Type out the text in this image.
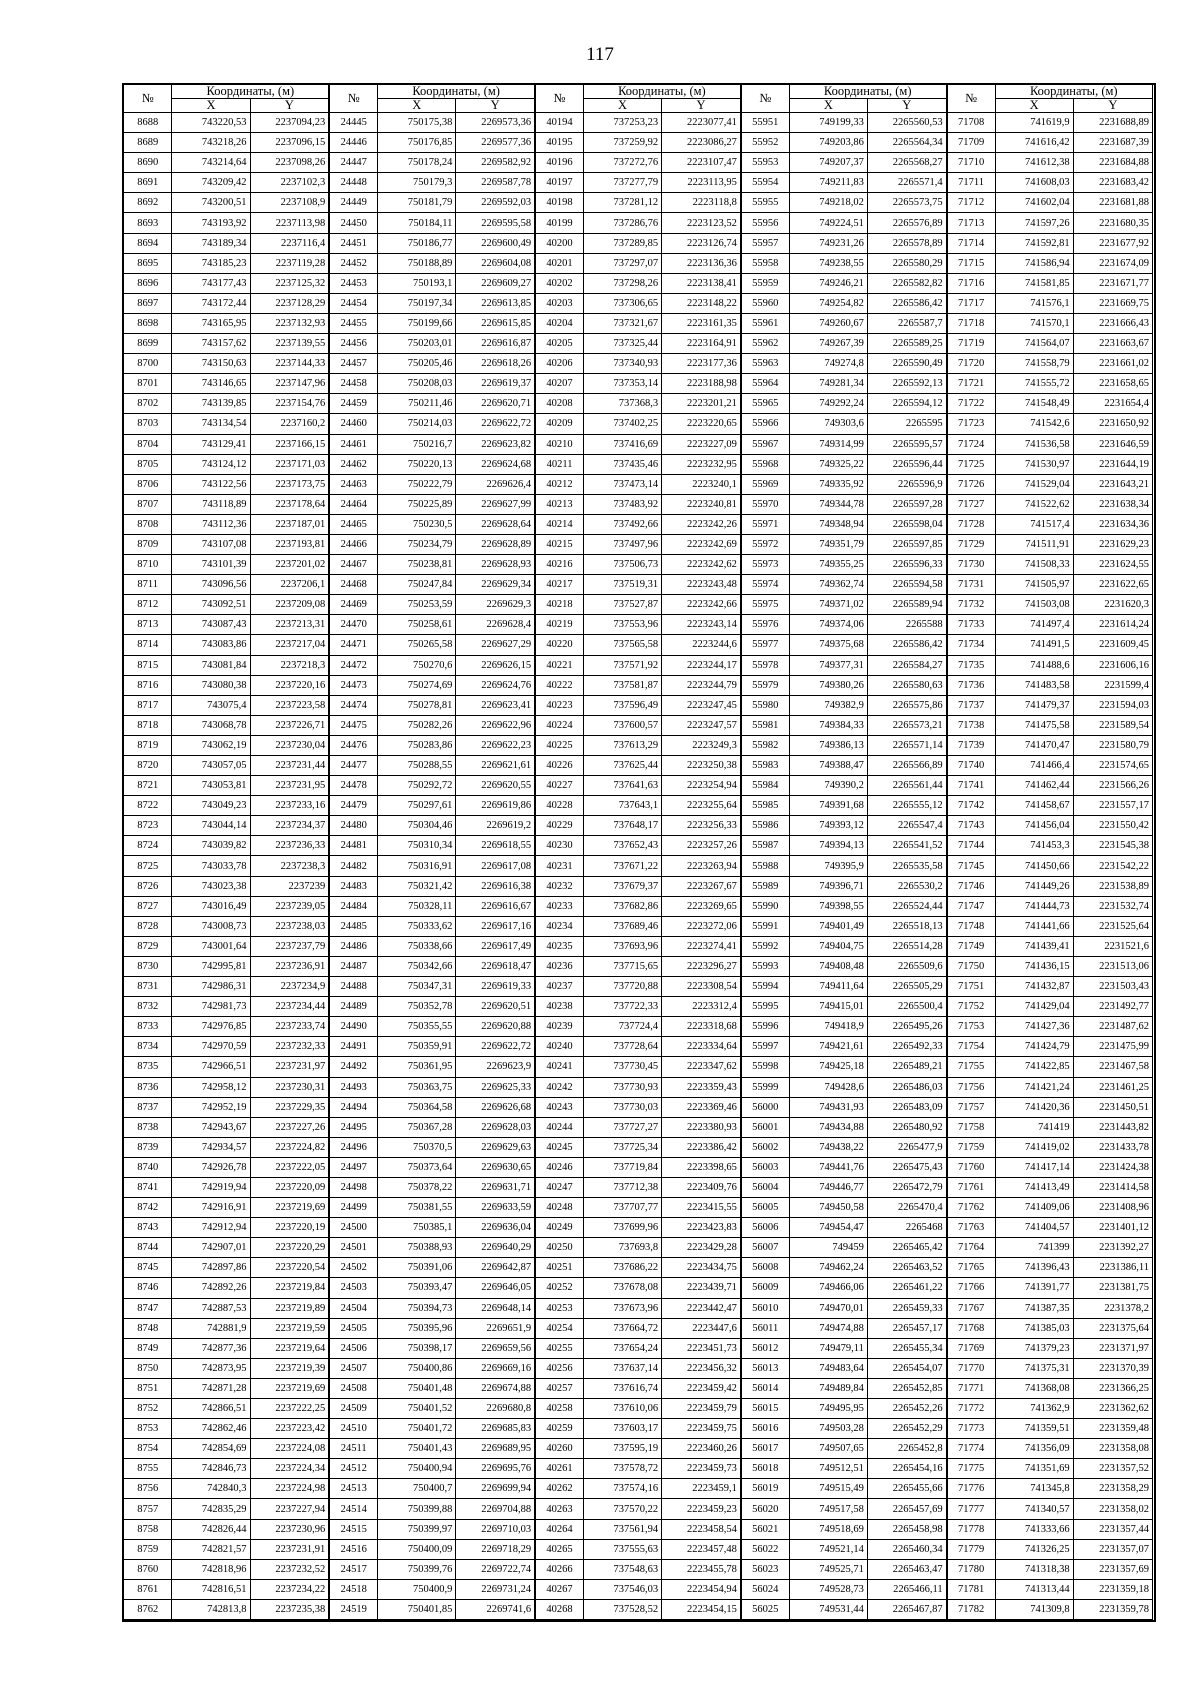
117
№	Координаты, (м)		№	Координаты, (м)		№	Координаты, (м)		№	Координаты, (м)		№	Координаты, (м)	
	X	Y		X	Y		X	Y		X	Y		X	Y
8688	743220,53	2237094,23	24445	750175,38	2269573,36	40194	737253,23	2223077,41	55951	749199,33	2265560,53	71708	741619,9	2231688,89
8689	743218,26	2237096,15	24446	750176,85	2269577,36	40195	737259,92	2223086,27	55952	749203,86	2265564,34	71709	741616,42	2231687,39
8690	743214,64	2237098,26	24447	750178,24	2269582,92	40196	737272,76	2223107,47	55953	749207,37	2265568,27	71710	741612,38	2231684,88
8691	743209,42	2237102,3	24448	750179,3	2269587,78	40197	737277,79	2223113,95	55954	749211,83	2265571,4	71711	741608,03	2231683,42
8692	743200,51	2237108,9	24449	750181,79	2269592,03	40198	737281,12	2223118,8	55955	749218,02	2265573,75	71712	741602,04	2231681,88
8693	743193,92	2237113,98	24450	750184,11	2269595,58	40199	737286,76	2223123,52	55956	749224,51	2265576,89	71713	741597,26	2231680,35
8694	743189,34	2237116,4	24451	750186,77	2269600,49	40200	737289,85	2223126,74	55957	749231,26	2265578,89	71714	741592,81	2231677,92
8695	743185,23	2237119,28	24452	750188,89	2269604,08	40201	737297,07	2223136,36	55958	749238,55	2265580,29	71715	741586,94	2231674,09
8696	743177,43	2237125,32	24453	750193,1	2269609,27	40202	737298,26	2223138,41	55959	749246,21	2265582,82	71716	741581,85	2231671,77
8697	743172,44	2237128,29	24454	750197,34	2269613,85	40203	737306,65	2223148,22	55960	749254,82	2265586,42	71717	741576,1	2231669,75
8698	743165,95	2237132,93	24455	750199,66	2269615,85	40204	737321,67	2223161,35	55961	749260,67	2265587,7	71718	741570,1	2231666,43
8699	743157,62	2237139,55	24456	750203,01	2269616,87	40205	737325,44	2223164,91	55962	749267,39	2265589,25	71719	741564,07	2231663,67
8700	743150,63	2237144,33	24457	750205,46	2269618,26	40206	737340,93	2223177,36	55963	749274,8	2265590,49	71720	741558,79	2231661,02
8701	743146,65	2237147,96	24458	750208,03	2269619,37	40207	737353,14	2223188,98	55964	749281,34	2265592,13	71721	741555,72	2231658,65
8702	743139,85	2237154,76	24459	750211,46	2269620,71	40208	737368,3	2223201,21	55965	749292,24	2265594,12	71722	741548,49	2231654,4
8703	743134,54	2237160,2	24460	750214,03	2269622,72	40209	737402,25	2223220,65	55966	749303,6	2265595	71723	741542,6	2231650,92
8704	743129,41	2237166,15	24461	750216,7	2269623,82	40210	737416,69	2223227,09	55967	749314,99	2265595,57	71724	741536,58	2231646,59
8705	743124,12	2237171,03	24462	750220,13	2269624,68	40211	737435,46	2223232,95	55968	749325,22	2265596,44	71725	741530,97	2231644,19
8706	743122,56	2237173,75	24463	750222,79	2269626,4	40212	737473,14	2223240,1	55969	749335,92	2265596,9	71726	741529,04	2231643,21
8707	743118,89	2237178,64	24464	750225,89	2269627,99	40213	737483,92	2223240,81	55970	749344,78	2265597,28	71727	741522,62	2231638,34
8708	743112,36	2237187,01	24465	750230,5	2269628,64	40214	737492,66	2223242,26	55971	749348,94	2265598,04	71728	741517,4	2231634,36
8709	743107,08	2237193,81	24466	750234,79	2269628,89	40215	737497,96	2223242,69	55972	749351,79	2265597,85	71729	741511,91	2231629,23
8710	743101,39	2237201,02	24467	750238,81	2269628,93	40216	737506,73	2223242,62	55973	749355,25	2265596,33	71730	741508,33	2231624,55
8711	743096,56	2237206,1	24468	750247,84	2269629,34	40217	737519,31	2223243,48	55974	749362,74	2265594,58	71731	741505,97	2231622,65
8712	743092,51	2237209,08	24469	750253,59	2269629,3	40218	737527,87	2223242,66	55975	749371,02	2265589,94	71732	741503,08	2231620,3
8713	743087,43	2237213,31	24470	750258,61	2269628,4	40219	737553,96	2223243,14	55976	749374,06	2265588	71733	741497,4	2231614,24
8714	743083,86	2237217,04	24471	750265,58	2269627,29	40220	737565,58	2223244,6	55977	749375,68	2265586,42	71734	741491,5	2231609,45
8715	743081,84	2237218,3	24472	750270,6	2269626,15	40221	737571,92	2223244,17	55978	749377,31	2265584,27	71735	741488,6	2231606,16
8716	743080,38	2237220,16	24473	750274,69	2269624,76	40222	737581,87	2223244,79	55979	749380,26	2265580,63	71736	741483,58	2231599,4
8717	743075,4	2237223,58	24474	750278,81	2269623,41	40223	737596,49	2223247,45	55980	749382,9	2265575,86	71737	741479,37	2231594,03
8718	743068,78	2237226,71	24475	750282,26	2269622,96	40224	737600,57	2223247,57	55981	749384,33	2265573,21	71738	741475,58	2231589,54
8719	743062,19	2237230,04	24476	750283,86	2269622,23	40225	737613,29	2223249,3	55982	749386,13	2265571,14	71739	741470,47	2231580,79
8720	743057,05	2237231,44	24477	750288,55	2269621,61	40226	737625,44	2223250,38	55983	749388,47	2265566,89	71740	741466,4	2231574,65
8721	743053,81	2237231,95	24478	750292,72	2269620,55	40227	737641,63	2223254,94	55984	749390,2	2265561,44	71741	741462,44	2231566,26
8722	743049,23	2237233,16	24479	750297,61	2269619,86	40228	737643,1	2223255,64	55985	749391,68	2265555,12	71742	741458,67	2231557,17
8723	743044,14	2237234,37	24480	750304,46	2269619,2	40229	737648,17	2223256,33	55986	749393,12	2265547,4	71743	741456,04	2231550,42
8724	743039,82	2237236,33	24481	750310,34	2269618,55	40230	737652,43	2223257,26	55987	749394,13	2265541,52	71744	741453,3	2231545,38
8725	743033,78	2237238,3	24482	750316,91	2269617,08	40231	737671,22	2223263,94	55988	749395,9	2265535,58	71745	741450,66	2231542,22
8726	743023,38	2237239	24483	750321,42	2269616,38	40232	737679,37	2223267,67	55989	749396,71	2265530,2	71746	741449,26	2231538,89
8727	743016,49	2237239,05	24484	750328,11	2269616,67	40233	737682,86	2223269,65	55990	749398,55	2265524,44	71747	741444,73	2231532,74
8728	743008,73	2237238,03	24485	750333,62	2269617,16	40234	737689,46	2223272,06	55991	749401,49	2265518,13	71748	741441,66	2231525,64
8729	743001,64	2237237,79	24486	750338,66	2269617,49	40235	737693,96	2223274,41	55992	749404,75	2265514,28	71749	741439,41	2231521,6
8730	742995,81	2237236,91	24487	750342,66	2269618,47	40236	737715,65	2223296,27	55993	749408,48	2265509,6	71750	741436,15	2231513,06
8731	742986,31	2237234,9	24488	750347,31	2269619,33	40237	737720,88	2223308,54	55994	749411,64	2265505,29	71751	741432,87	2231503,43
8732	742981,73	2237234,44	24489	750352,78	2269620,51	40238	737722,33	2223312,4	55995	749415,01	2265500,4	71752	741429,04	2231492,77
8733	742976,85	2237233,74	24490	750355,55	2269620,88	40239	737724,4	2223318,68	55996	749418,9	2265495,26	71753	741427,36	2231487,62
8734	742970,59	2237232,33	24491	750359,91	2269622,72	40240	737728,64	2223334,64	55997	749421,61	2265492,33	71754	741424,79	2231475,99
8735	742966,51	2237231,97	24492	750361,95	2269623,9	40241	737730,45	2223347,62	55998	749425,18	2265489,21	71755	741422,85	2231467,58
8736	742958,12	2237230,31	24493	750363,75	2269625,33	40242	737730,93	2223359,43	55999	749428,6	2265486,03	71756	741421,24	2231461,25
8737	742952,19	2237229,35	24494	750364,58	2269626,68	40243	737730,03	2223369,46	56000	749431,93	2265483,09	71757	741420,36	2231450,51
8738	742943,67	2237227,26	24495	750367,28	2269628,03	40244	737727,27	2223380,93	56001	749434,88	2265480,92	71758	741419	2231443,82
8739	742934,57	2237224,82	24496	750370,5	2269629,63	40245	737725,34	2223386,42	56002	749438,22	2265477,9	71759	741419,02	2231433,78
8740	742926,78	2237222,05	24497	750373,64	2269630,65	40246	737719,84	2223398,65	56003	749441,76	2265475,43	71760	741417,14	2231424,38
8741	742919,94	2237220,09	24498	750378,22	2269631,71	40247	737712,38	2223409,76	56004	749446,77	2265472,79	71761	741413,49	2231414,58
8742	742916,91	2237219,69	24499	750381,55	2269633,59	40248	737707,77	2223415,55	56005	749450,58	2265470,4	71762	741409,06	2231408,96
8743	742912,94	2237220,19	24500	750385,1	2269636,04	40249	737699,96	2223423,83	56006	749454,47	2265468	71763	741404,57	2231401,12
8744	742907,01	2237220,29	24501	750388,93	2269640,29	40250	737693,8	2223429,28	56007	749459	2265465,42	71764	741399	2231392,27
8745	742897,86	2237220,54	24502	750391,06	2269642,87	40251	737686,22	2223434,75	56008	749462,24	2265463,52	71765	741396,43	2231386,11
8746	742892,26	2237219,84	24503	750393,47	2269646,05	40252	737678,08	2223439,71	56009	749466,06	2265461,22	71766	741391,77	2231381,75
8747	742887,53	2237219,89	24504	750394,73	2269648,14	40253	737673,96	2223442,47	56010	749470,01	2265459,33	71767	741387,35	2231378,2
8748	742881,9	2237219,59	24505	750395,96	2269651,9	40254	737664,72	2223447,6	56011	749474,88	2265457,17	71768	741385,03	2231375,64
8749	742877,36	2237219,64	24506	750398,17	2269659,56	40255	737654,24	2223451,73	56012	749479,11	2265455,34	71769	741379,23	2231371,97
8750	742873,95	2237219,39	24507	750400,86	2269669,16	40256	737637,14	2223456,32	56013	749483,64	2265454,07	71770	741375,31	2231370,39
8751	742871,28	2237219,69	24508	750401,48	2269674,88	40257	737616,74	2223459,42	56014	749489,84	2265452,85	71771	741368,08	2231366,25
8752	742866,51	2237222,25	24509	750401,52	2269680,8	40258	737610,06	2223459,79	56015	749495,95	2265452,26	71772	741362,9	2231362,62
8753	742862,46	2237223,42	24510	750401,72	2269685,83	40259	737603,17	2223459,75	56016	749503,28	2265452,29	71773	741359,51	2231359,48
8754	742854,69	2237224,08	24511	750401,43	2269689,95	40260	737595,19	2223460,26	56017	749507,65	2265452,8	71774	741356,09	2231358,08
8755	742846,73	2237224,34	24512	750400,94	2269695,76	40261	737578,72	2223459,73	56018	749512,51	2265454,16	71775	741351,69	2231357,52
8756	742840,3	2237224,98	24513	750400,7	2269699,94	40262	737574,16	2223459,1	56019	749515,49	2265455,66	71776	741345,8	2231358,29
8757	742835,29	2237227,94	24514	750399,88	2269704,88	40263	737570,22	2223459,23	56020	749517,58	2265457,69	71777	741340,57	2231358,02
8758	742826,44	2237230,96	24515	750399,97	2269710,03	40264	737561,94	2223458,54	56021	749518,69	2265458,98	71778	741333,66	2231357,44
8759	742821,57	2237231,91	24516	750400,09	2269718,29	40265	737555,63	2223457,48	56022	749521,14	2265460,34	71779	741326,25	2231357,07
8760	742818,96	2237232,52	24517	750399,76	2269722,74	40266	737548,63	2223455,78	56023	749525,71	2265463,47	71780	741318,38	2231357,69
8761	742816,51	2237234,22	24518	750400,9	2269731,24	40267	737546,03	2223454,94	56024	749528,73	2265466,11	71781	741313,44	2231359,18
8762	742813,8	2237235,38	24519	750401,85	2269741,6	40268	737528,52	2223454,15	56025	749531,44	2265467,87	71782	741309,8	2231359,78
